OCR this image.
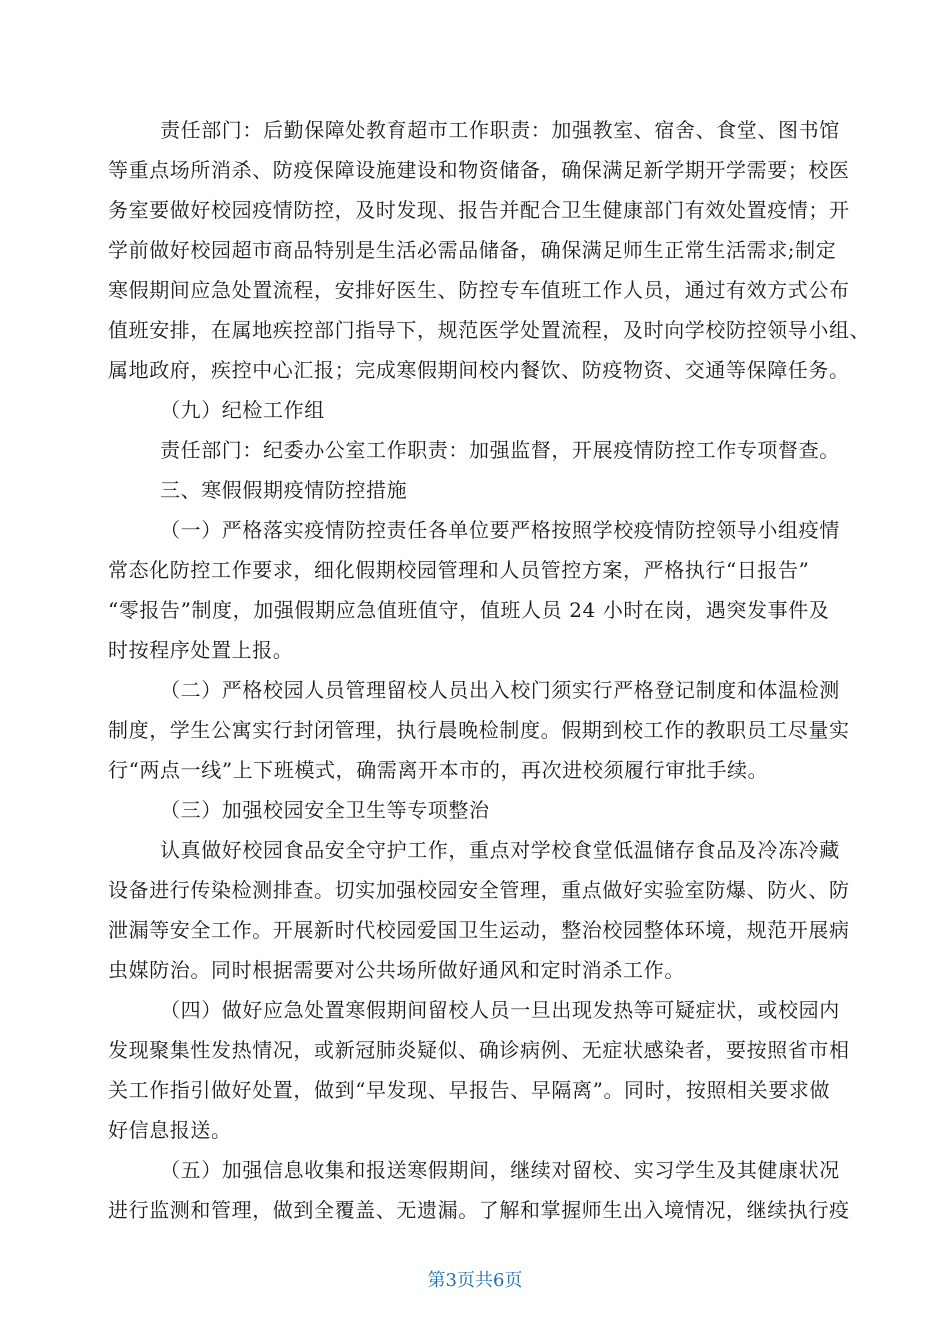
责任部门：后勤保障处教育超市工作职责：加强教室、宿舍、食堂、图书馆
等重点场所消杀、防疫保障设施建设和物资储备，确保满足新学期开学需要；校医
务室要做好校园疫情防控，及时发现、报告并配合卫生健康部门有效处置疫情；开
学前做好校园超市商品特别是生活必需品储备，确保满足师生正常生活需求;制定
寒假期间应急处置流程，安排好医生、防控专车值班工作人员，通过有效方式公布
值班安排，在属地疾控部门指导下，规范医学处置流程，及时向学校防控领导小组、
属地政府，疾控中心汇报；完成寒假期间校内餐饮、防疫物资、交通等保障任务。
（九）纪检工作组
责任部门：纪委办公室工作职责：加强监督，开展疫情防控工作专项督查。
三、寒假假期疫情防控措施
（一）严格落实疫情防控责任各单位要严格按照学校疫情防控领导小组疫情
常态化防控工作要求，细化假期校园管理和人员管控方案，严格执行“日报告”
“零报告”制度，加强假期应急值班值守，值班人员 24 小时在岗，遇突发事件及
时按程序处置上报。
（二）严格校园人员管理留校人员出入校门须实行严格登记制度和体温检测
制度，学生公寓实行封闭管理，执行晨晚检制度。假期到校工作的教职员工尽量实
行“两点一线”上下班模式，确需离开本市的，再次进校须履行审批手续。
（三）加强校园安全卫生等专项整治
认真做好校园食品安全守护工作，重点对学校食堂低温储存食品及冷冻冷藏
设备进行传染检测排查。切实加强校园安全管理，重点做好实验室防爆、防火、防
泄漏等安全工作。开展新时代校园爱国卫生运动，整治校园整体环境，规范开展病
虫媒防治。同时根据需要对公共场所做好通风和定时消杀工作。
（四）做好应急处置寒假期间留校人员一旦出现发热等可疑症状，或校园内
发现聚集性发热情况，或新冠肺炎疑似、确诊病例、无症状感染者，要按照省市相
关工作指引做好处置，做到“早发现、早报告、早隔离”。同时，按照相关要求做
好信息报送。
（五）加强信息收集和报送寒假期间，继续对留校、实习学生及其健康状况
进行监测和管理，做到全覆盖、无遗漏。了解和掌握师生出入境情况，继续执行疫
第3页共6页
